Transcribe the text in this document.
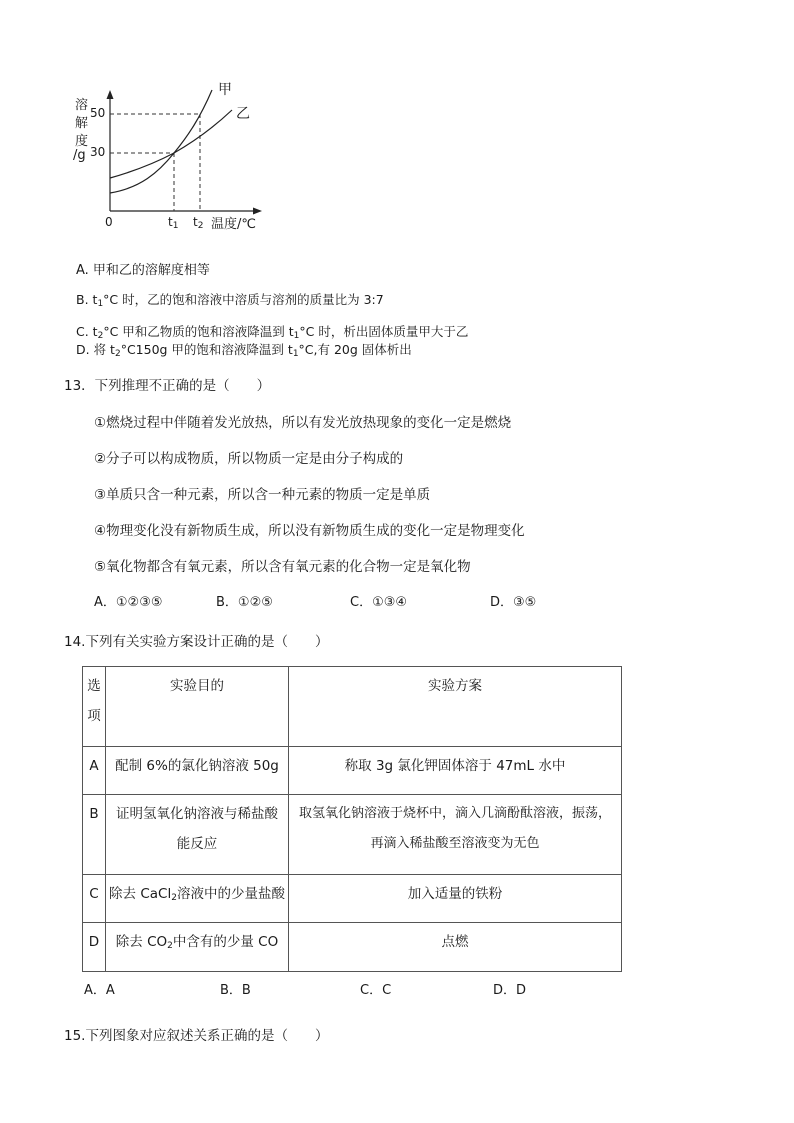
溶
解
度
/g
50
30
0	$t_1$ $t_2$ 温度/℃
甲
乙
A. 甲和乙的溶解度相等
B. $t_1^\circ C$ 时，乙的饱和溶液中溶质与溶剂的质量比为 3:7
C. $t_2^\circ C$ 甲和乙物质的饱和溶液降温到 $t_1^\circ C$ 时，析出固体质量甲大于乙
D. 将 $t_2^\circ C150g$ 甲的饱和溶液降温到 $t_1^\circ C$,有 20g 固体析出
13．下列推理不正确的是（　　）
①燃烧过程中伴随着发光放热，所以有发光放热现象的变化一定是燃烧
②分子可以构成物质，所以物质一定是由分子构成的
③单质只含一种元素，所以含一种元素的物质一定是单质
④物理变化没有新物质生成，所以没有新物质生成的变化一定是物理变化
⑤氧化物都含有氧元素，所以含有氧元素的化合物一定是氧化物
A．①②③⑤	B．①②⑤	C．①③④	D．③⑤
14.下列有关实验方案设计正确的是（　　）
选
项	实验目的	实验方案
A	配制 6%的氯化钠溶液 50g	称取 3g 氯化钾固体溶于 47mL 水中
B	证明氢氧化钠溶液与稀盐酸
能反应	取氢氧化钠溶液于烧杯中，滴入几滴酚酞溶液，振荡，
再滴入稀盐酸至溶液变为无色

C	除去 CaCl$_2$溶液中的少量盐酸	加入适量的铁粉
D	除去 $CO_2$中含有的少量 CO	点燃
A．A	B．B	C．C	D．D
15.下列图象对应叙述关系正确的是（　　）
